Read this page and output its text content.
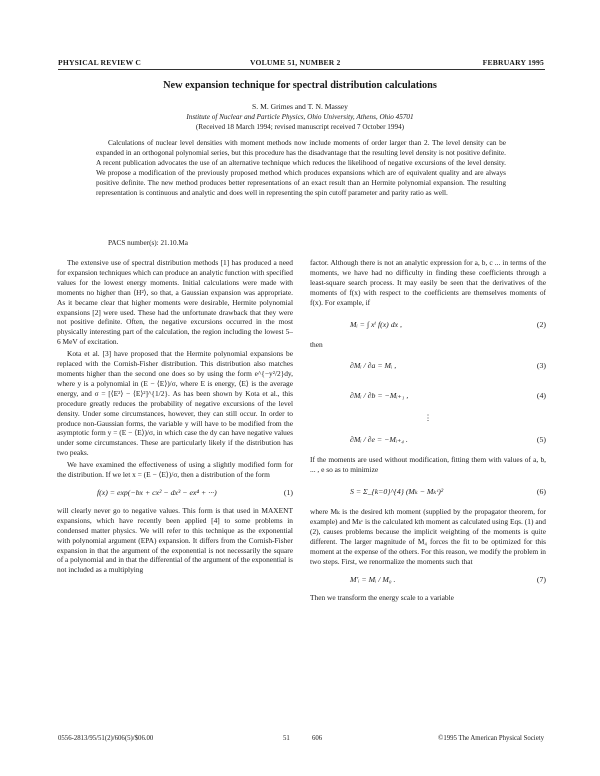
PHYSICAL REVIEW C	VOLUME 51, NUMBER 2	FEBRUARY 1995
New expansion technique for spectral distribution calculations
S. M. Grimes and T. N. Massey
Institute of Nuclear and Particle Physics, Ohio University, Athens, Ohio 45701
(Received 18 March 1994; revised manuscript received 7 October 1994)

Calculations of nuclear level densities with moment methods now include moments of order larger than 2. The level density can be expanded in an orthogonal polynomial series, but this procedure has the disadvantage that the resulting level density is not positive definite. A recent publication advocates the use of an alternative technique which reduces the likelihood of negative excursions of the level density. We propose a modification of the previously proposed method which produces expansions which are of equivalent quality and are always positive definite. The new method produces better representations of an exact result than an Hermite polynomial expansion. The resulting representation is continuous and analytic and does well in representing the spin cutoff parameter and parity ratio as well.

PACS number(s): 21.10.Ma

The extensive use of spectral distribution methods [1] has produced a need for expansion techniques which can produce an analytic function with specified values for the lowest energy moments. Initial calculations were made with moments no higher than ⟨H²⟩, so that, a Gaussian expansion was appropriate. As it became clear that higher moments were desirable, Hermite polynomial expansions [2] were used. These had the unfortunate drawback that they were not positive definite. Often, the negative excursions occurred in the most physically interesting part of the calculation, the region including the lowest 5–6 MeV of excitation.

Kota et al. [3] have proposed that the Hermite polynomial expansions be replaced with the Cornish-Fisher distribution. This distribution also matches moments higher than the second one does so by using the form e^{−y²/2}dy, where y is a polynomial in (E − ⟨E⟩)/σ, where E is energy, ⟨E⟩ is the average energy, and σ = [⟨E²⟩ − ⟨E⟩²]^{1/2}. As has been shown by Kota et al., this procedure greatly reduces the probability of negative excursions of the level density. Under some circumstances, however, they can still occur. In order to produce non-Gaussian forms, the variable y will have to be modified from the asymptotic form y = (E − ⟨E⟩)/σ, in which case the dy can have negative values under some circumstances. These are particularly likely if the distribution has two peaks.

We have examined the effectiveness of using a slightly modified form for the distribution. If we let x = (E − ⟨E⟩)/σ, then a distribution of the form

f(x) = exp(−bx + cx² − dx³ − ex⁴ + ···)	(1)

will clearly never go to negative values. This form is that used in MAXENT expansions, which have recently been applied [4] to some problems in condensed matter physics. We will refer to this technique as the exponential with polynomial argument (EPA) expansion. It differs from the Cornish-Fisher expansion in that the argument of the exponential is not necessarily the square of a polynomial and in that the differential of the argument of the exponential is not included as a multiplying

factor. Although there is not an analytic expression for a, b, c ... in terms of the moments, we have had no difficulty in finding these coefficients through a least-square search process. It may easily be seen that the derivatives of the moments of f(x) with respect to the coefficients are themselves moments of f(x). For example, if

Mᵢ = ∫ xⁱ f(x) dx ,	(2)

then

∂Mᵢ / ∂a = Mᵢ ,	(3)
∂Mᵢ / ∂b = −Mᵢ₊₁ ,	(4)
⋮
∂Mᵢ / ∂e = −Mᵢ₊₄ .	(5)

If the moments are used without modification, fitting them with values of a, b, ... , e so as to minimize

S = Σ_{k=0}^{4} (Mₖ − Mₖᶜ)²	(6)

where Mₖ is the desired kth moment (supplied by the propagator theorem, for example) and Mₖᶜ is the calculated kth moment as calculated using Eqs. (1) and (2), causes problems because the implicit weighting of the moments is quite different. The larger magnitude of M₄ forces the fit to be optimized for this moment at the expense of the others. For this reason, we modify the problem in two steps. First, we renormalize the moments such that

M′ᵢ = Mᵢ / M₀ .	(7)

Then we transform the energy scale to a variable

0556-2813/95/51(2)/606(5)/$06.00	51	606	©1995 The American Physical Society
